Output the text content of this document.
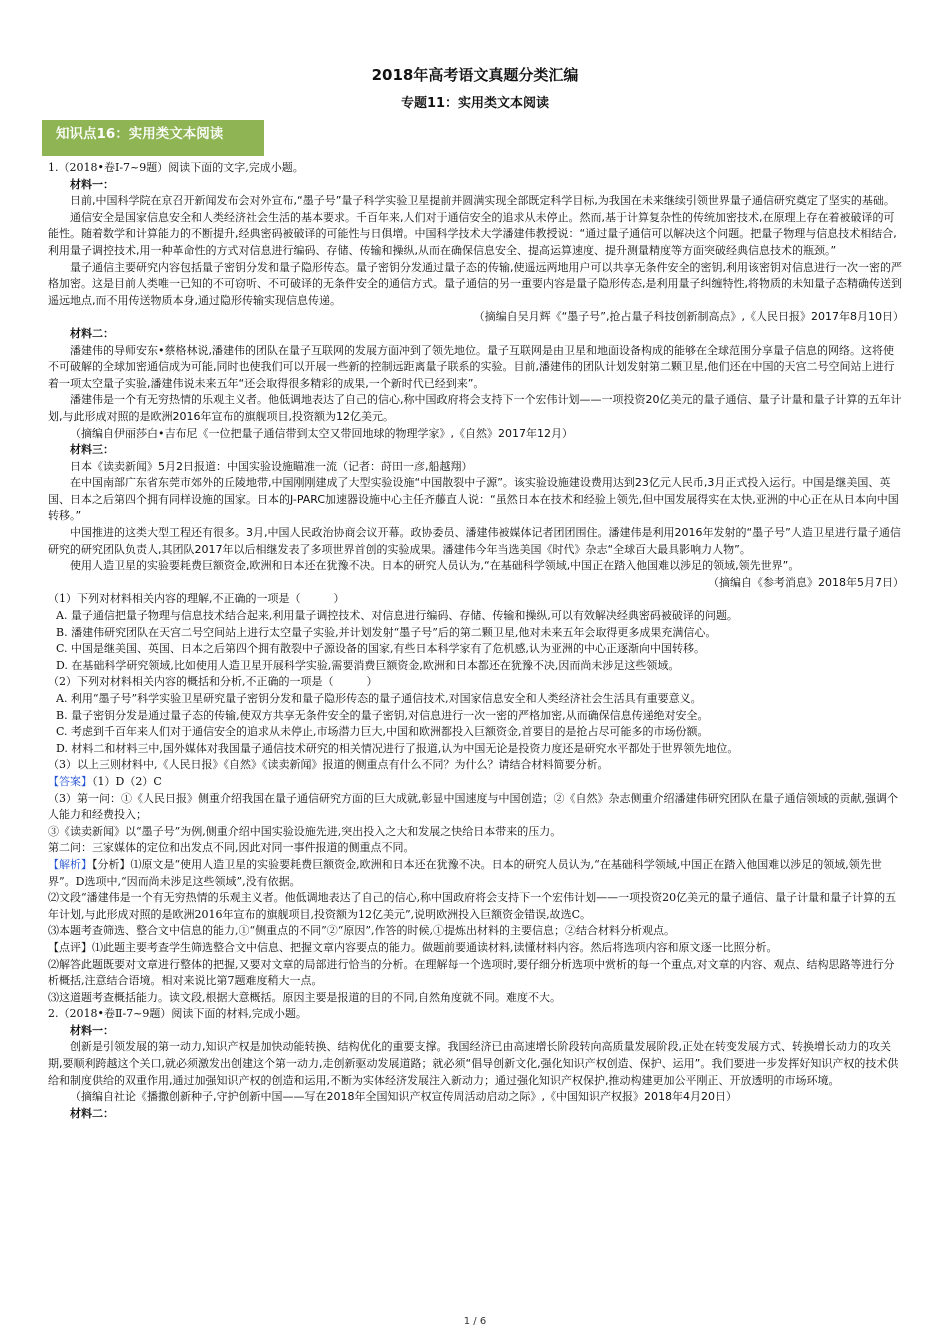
2018年高考语文真题分类汇编
专题11：实用类文本阅读
知识点16：实用类文本阅读

1.（2018•卷Ⅰ-7~9题）阅读下面的文字,完成小题。

材料一：

日前,中国科学院在京召开新闻发布会对外宣布,“墨子号”量子科学实验卫星提前并圆满实现全部既定科学目标,为我国在未来继续引领世界量子通信研究奠定了坚实的基础。

通信安全是国家信息安全和人类经济社会生活的基本要求。千百年来,人们对于通信安全的追求从未停止。然而,基于计算复杂性的传统加密技术,在原理上存在着被破译的可能性。随着数学和计算能力的不断提升,经典密码被破译的可能性与日俱增。中国科学技术大学潘建伟教授说：“通过量子通信可以解决这个问题。把量子物理与信息技术相结合,利用量子调控技术,用一种革命性的方式对信息进行编码、存储、传输和操纵,从而在确保信息安全、提高运算速度、提升测量精度等方面突破经典信息技术的瓶颈。”

量子通信主要研究内容包括量子密钥分发和量子隐形传态。量子密钥分发通过量子态的传输,使遥远两地用户可以共享无条件安全的密钥,利用该密钥对信息进行一次一密的严格加密。这是目前人类唯一已知的不可窃听、不可破译的无条件安全的通信方式。量子通信的另一重要内容是量子隐形传态,是利用量子纠缠特性,将物质的未知量子态精确传送到遥远地点,而不用传送物质本身,通过隐形传输实现信息传递。

（摘编自吴月辉《“墨子号”,抢占量子科技创新制高点》,《人民日报》2017年8月10日）

材料二：

潘建伟的导师安东•蔡格林说,潘建伟的团队在量子互联网的发展方面冲到了领先地位。量子互联网是由卫星和地面设备构成的能够在全球范围分享量子信息的网络。这将使不可破解的全球加密通信成为可能,同时也使我们可以开展一些新的控制远距离量子联系的实验。目前,潘建伟的团队计划发射第二颗卫星,他们还在中国的天宫二号空间站上进行着一项太空量子实验,潘建伟说未来五年“还会取得很多精彩的成果,一个新时代已经到来”。

潘建伟是一个有无穷热情的乐观主义者。他低调地表达了自己的信心,称中国政府将会支持下一个宏伟计划——一项投资20亿美元的量子通信、量子计量和量子计算的五年计划,与此形成对照的是欧洲2016年宣布的旗舰项目,投资额为12亿美元。

（摘编自伊丽莎白•吉布尼《一位把量子通信带到太空又带回地球的物理学家》,《自然》2017年12月）

材料三：

日本《读卖新闻》5月2日报道：中国实验设施瞄准一流（记者：莳田一彦,船越翔）

在中国南部广东省东莞市郊外的丘陵地带,中国刚刚建成了大型实验设施“中国散裂中子源”。该实验设施建设费用达到23亿元人民币,3月正式投入运行。中国是继美国、英国、日本之后第四个拥有同样设施的国家。日本的J-PARC加速器设施中心主任齐藤直人说：“虽然日本在技术和经验上领先,但中国发展得实在太快,亚洲的中心正在从日本向中国转移。”

中国推进的这类大型工程还有很多。3月,中国人民政治协商会议开幕。政协委员、潘建伟被媒体记者团团围住。潘建伟是利用2016年发射的“墨子号”人造卫星进行量子通信研究的研究团队负责人,其团队2017年以后相继发表了多项世界首创的实验成果。潘建伟今年当选美国《时代》杂志“全球百大最具影响力人物”。

使用人造卫星的实验要耗费巨额资金,欧洲和日本还在犹豫不决。日本的研究人员认为,“在基础科学领域,中国正在踏入他国难以涉足的领域,领先世界”。

（摘编自《参考消息》2018年5月7日）

（1）下列对材料相关内容的理解,不正确的一项是（　　　）

A. 量子通信把量子物理与信息技术结合起来,利用量子调控技术、对信息进行编码、存储、传输和操纵,可以有效解决经典密码被破译的问题。

B. 潘建伟研究团队在天宫二号空间站上进行太空量子实验,并计划发射“墨子号”后的第二颗卫星,他对未来五年会取得更多成果充满信心。

C. 中国是继美国、英国、日本之后第四个拥有散裂中子源设备的国家,有些日本科学家有了危机感,认为亚洲的中心正逐渐向中国转移。

D. 在基础科学研究领域,比如使用人造卫星开展科学实验,需要消费巨额资金,欧洲和日本都还在犹豫不决,因而尚未涉足这些领域。

（2）下列对材料相关内容的概括和分析,不正确的一项是（　　　）

A. 利用“墨子号”科学实验卫星研究量子密钥分发和量子隐形传态的量子通信技术,对国家信息安全和人类经济社会生活具有重要意义。

B. 量子密钥分发是通过量子态的传输,使双方共享无条件安全的量子密钥,对信息进行一次一密的严格加密,从而确保信息传递绝对安全。

C. 考虑到千百年来人们对于通信安全的追求从未停止,市场潜力巨大,中国和欧洲都投入巨额资金,首要目的是抢占尽可能多的市场份额。

D. 材料二和材料三中,国外媒体对我国量子通信技术研究的相关情况进行了报道,认为中国无论是投资力度还是研究水平都处于世界领先地位。

（3）以上三则材料中,《人民日报》《自然》《读卖新闻》报道的侧重点有什么不同？为什么？请结合材料简要分析。

【答案】（1）D（2）C

（3）第一问：①《人民日报》侧重介绍我国在量子通信研究方面的巨大成就,彰显中国速度与中国创造；②《自然》杂志侧重介绍潘建伟研究团队在量子通信领域的贡献,强调个人能力和经费投入；

③《读卖新闻》以“墨子号”为例,侧重介绍中国实验设施先进,突出投入之大和发展之快给日本带来的压力。

第二问：三家媒体的定位和出发点不同,因此对同一事件报道的侧重点不同。

【解析】【分析】⑴原文是“使用人造卫星的实验要耗费巨额资金,欧洲和日本还在犹豫不决。日本的研究人员认为,“在基础科学领域,中国正在踏入他国难以涉足的领域,领先世界”。D选项中,“因而尚未涉足这些领域”,没有依据。

⑵文段“潘建伟是一个有无穷热情的乐观主义者。他低调地表达了自己的信心,称中国政府将会支持下一个宏伟计划——一项投资20亿美元的量子通信、量子计量和量子计算的五年计划,与此形成对照的是欧洲2016年宣布的旗舰项目,投资额为12亿美元”,说明欧洲投入巨额资金错误,故选C。

⑶本题考查筛选、整合文中信息的能力,①“侧重点的不同”②“原因”,作答的时候,①提炼出材料的主要信息；②结合材料分析观点。

【点评】⑴此题主要考查学生筛选整合文中信息、把握文章内容要点的能力。做题前要通读材料,读懂材料内容。然后将选项内容和原文逐一比照分析。

⑵解答此题既要对文章进行整体的把握,又要对文章的局部进行恰当的分析。在理解每一个选项时,要仔细分析选项中赏析的每一个重点,对文章的内容、观点、结构思路等进行分析概括,注意结合语境。相对来说比第7题难度稍大一点。

⑶这道题考查概括能力。读文段,根据大意概括。原因主要是报道的目的不同,自然角度就不同。难度不大。

2.（2018•卷Ⅱ-7~9题）阅读下面的材料,完成小题。

材料一：

创新是引领发展的第一动力,知识产权是加快动能转换、结构优化的重要支撑。我国经济已由高速增长阶段转向高质量发展阶段,正处在转变发展方式、转换增长动力的攻关期,要顺利跨越这个关口,就必须激发出创建这个第一动力,走创新驱动发展道路；就必须“倡导创新文化,强化知识产权创造、保护、运用”。我们要进一步发挥好知识产权的技术供给和制度供给的双重作用,通过加强知识产权的创造和运用,不断为实体经济发展注入新动力；通过强化知识产权保护,推动构建更加公平刚正、开放透明的市场环境。

（摘编自社论《播撒创新种子,守护创新中国——写在2018年全国知识产权宣传周活动启动之际》,《中国知识产权报》2018年4月20日）

材料二：

1 / 6
